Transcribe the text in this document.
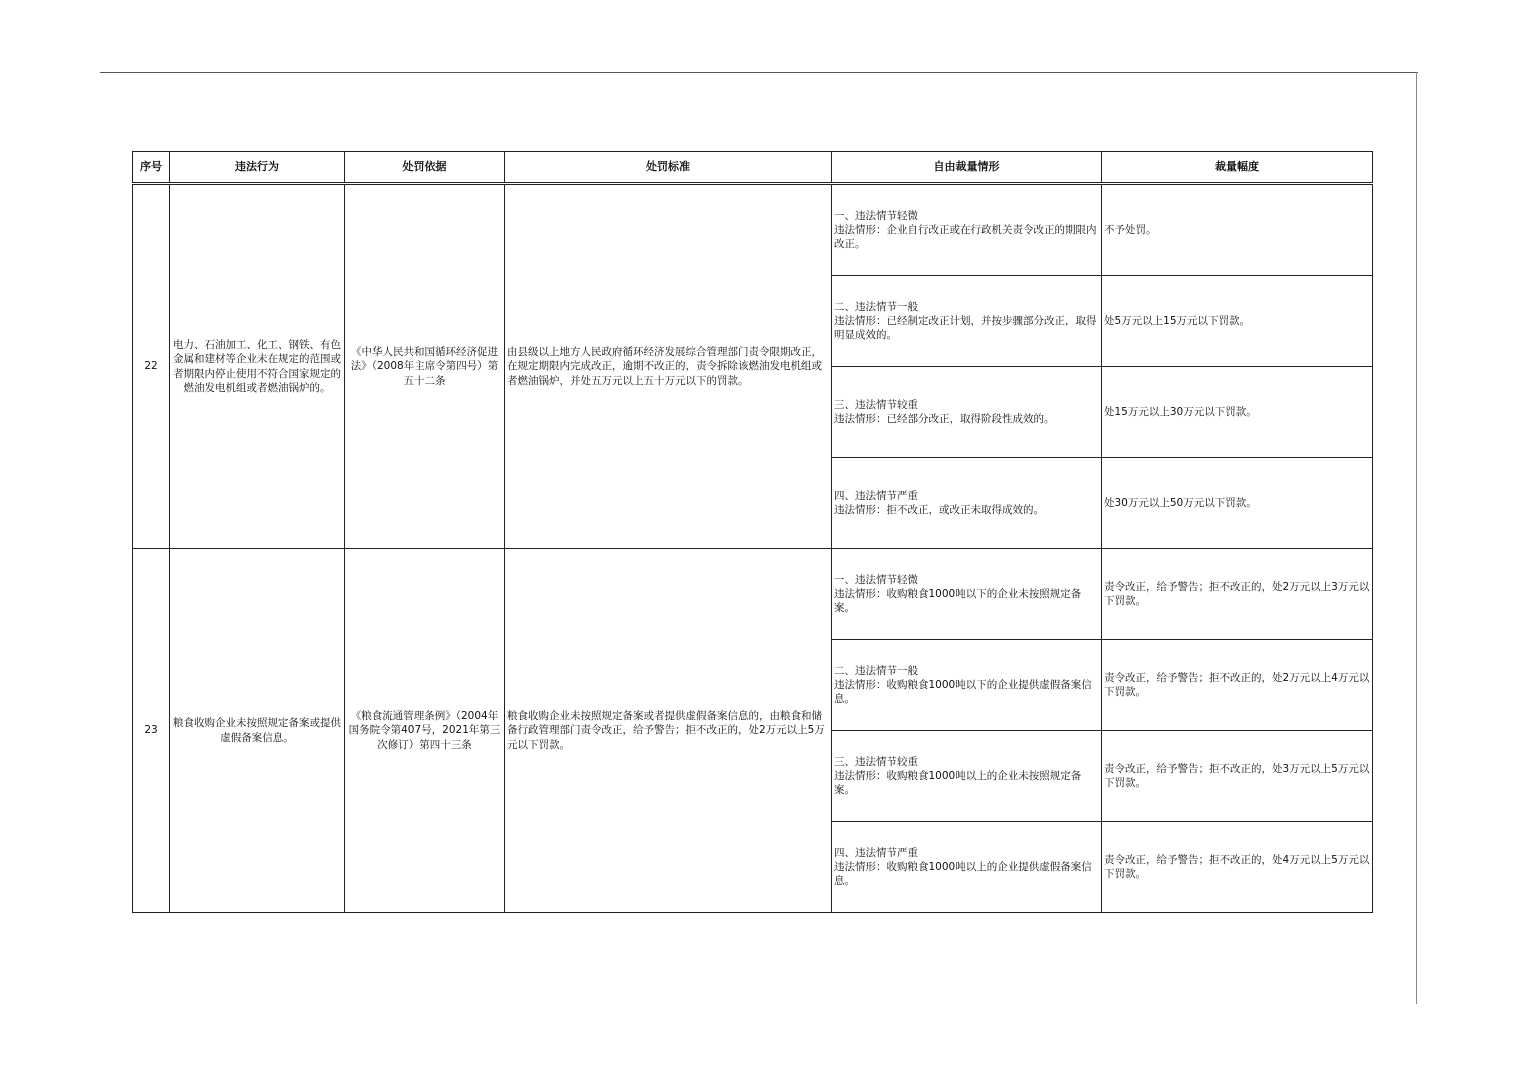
序号	违法行为	处罚依据	处罚标准	自由裁量情形	裁量幅度
22	电力、石油加工、化工、钢铁、有色金属和建材等企业未在规定的范围或者期限内停止使用不符合国家规定的燃油发电机组或者燃油锅炉的。	《中华人民共和国循环经济促进法》（2008年主席令第四号）第五十二条	由县级以上地方人民政府循环经济发展综合管理部门责令限期改正，在规定期限内完成改正，逾期不改正的，责令拆除该燃油发电机组或者燃油锅炉，并处五万元以上五十万元以下的罚款。	一、违法情节轻微
违法情形：企业自行改正或在行政机关责令改正的期限内改正。	不予处罚。

				二、违法情节一般
违法情形：已经制定改正计划，并按步骤部分改正，取得明显成效的。	处5万元以上15万元以下罚款。

				三、违法情节较重
违法情形：已经部分改正，取得阶段性成效的。	处15万元以上30万元以下罚款。

				四、违法情节严重
违法情形：拒不改正，或改正未取得成效的。	处30万元以上50万元以下罚款。
23	粮食收购企业未按照规定备案或提供虚假备案信息。	《粮食流通管理条例》（2004年国务院令第407号，2021年第三次修订）第四十三条	粮食收购企业未按照规定备案或者提供虚假备案信息的，由粮食和储备行政管理部门责令改正，给予警告；拒不改正的，处2万元以上5万元以下罚款。	一、违法情节轻微
违法情形：收购粮食1000吨以下的企业未按照规定备案。	责令改正，给予警告；拒不改正的，处2万元以上3万元以下罚款。

				二、违法情节一般
违法情形：收购粮食1000吨以下的企业提供虚假备案信息。	责令改正，给予警告；拒不改正的，处2万元以上4万元以下罚款。

				三、违法情节较重
违法情形：收购粮食1000吨以上的企业未按照规定备案。	责令改正，给予警告；拒不改正的，处3万元以上5万元以下罚款。

				四、违法情节严重
违法情形：收购粮食1000吨以上的企业提供虚假备案信息。	责令改正，给予警告；拒不改正的，处4万元以上5万元以下罚款。
